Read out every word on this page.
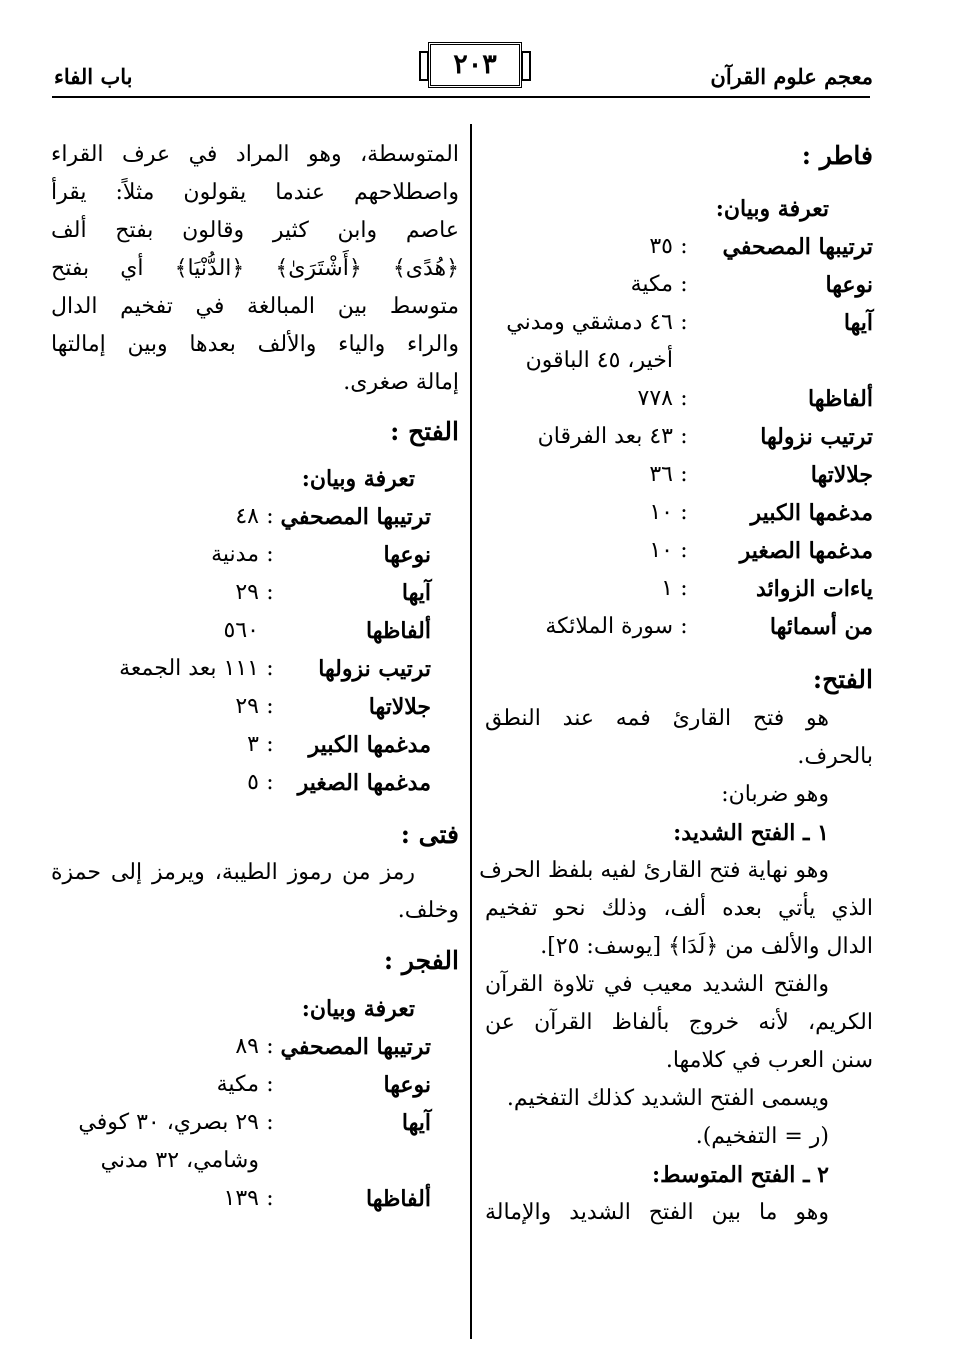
معجم علوم القرآن
٢٠٣
باب الفاء
فاطر :
تعرفة وبيان:
ترتيبها المصحفي
:
٣٥
نوعها
:
مكية
آيها
:
٤٦ دمشقي ومدني
أخير، ٤٥ الباقون
ألفاظها
:
٧٧٨
ترتيب نزولها
:
٤٣ بعد الفرقان
جلالاتها
:
٣٦
مدغمها الكبير
:
١٠
مدغمها الصغير
:
١٠
ياءات الزوائد
:
١
من أسمائها
:
سورة الملائكة
الفتح:
هو فتح القارئ فمه عند النطق
بالحرف.
وهو ضربان:
١ ـ الفتح الشديد:
وهو نهاية فتح القارئ لفيه بلفظ الحرف
الذي يأتي بعده ألف، وذلك نحو تفخيم
الدال والألف من ﴿لَدَا﴾ [يوسف: ٢٥].
والفتح الشديد معيب في تلاوة القرآن
الكريم، لأنه خروج بألفاظ القرآن عن
سنن العرب في كلامها.
ويسمى الفتح الشديد كذلك التفخيم.
(ر = التفخيم).
٢ ـ الفتح المتوسط:
وهو ما بين الفتح الشديد والإمالة
المتوسطة، وهو المراد في عرف القراء
واصطلاحهم عندما يقولون مثلاً: يقرأ
عاصم وابن كثير وقالون بفتح ألف
﴿هُدًى﴾ ﴿أَشْتَرَىٰ﴾ ﴿الدُّنْيَا﴾ أي بفتح
متوسط بين المبالغة في تفخيم الدال
والراء والياء والألف بعدها وبين إمالتها
إمالة صغرى.
الفتح :
تعرفة وبيان:
ترتيبها المصحفي
:
٤٨
نوعها
:
مدنية
آيها
:
٢٩
ألفاظها
٥٦٠
ترتيب نزولها
:
١١١ بعد الجمعة
جلالاتها
:
٢٩
مدغمها الكبير
:
٣
مدغمها الصغير
:
٥
فتى :
رمز من رموز الطيبة، ويرمز إلى حمزة
وخلف.
الفجر :
تعرفة وبيان:
ترتيبها المصحفي
:
٨٩
نوعها
:
مكية
آيها
:
٢٩ بصري، ٣٠ كوفي
وشامي، ٣٢ مدني
ألفاظها
:
١٣٩
